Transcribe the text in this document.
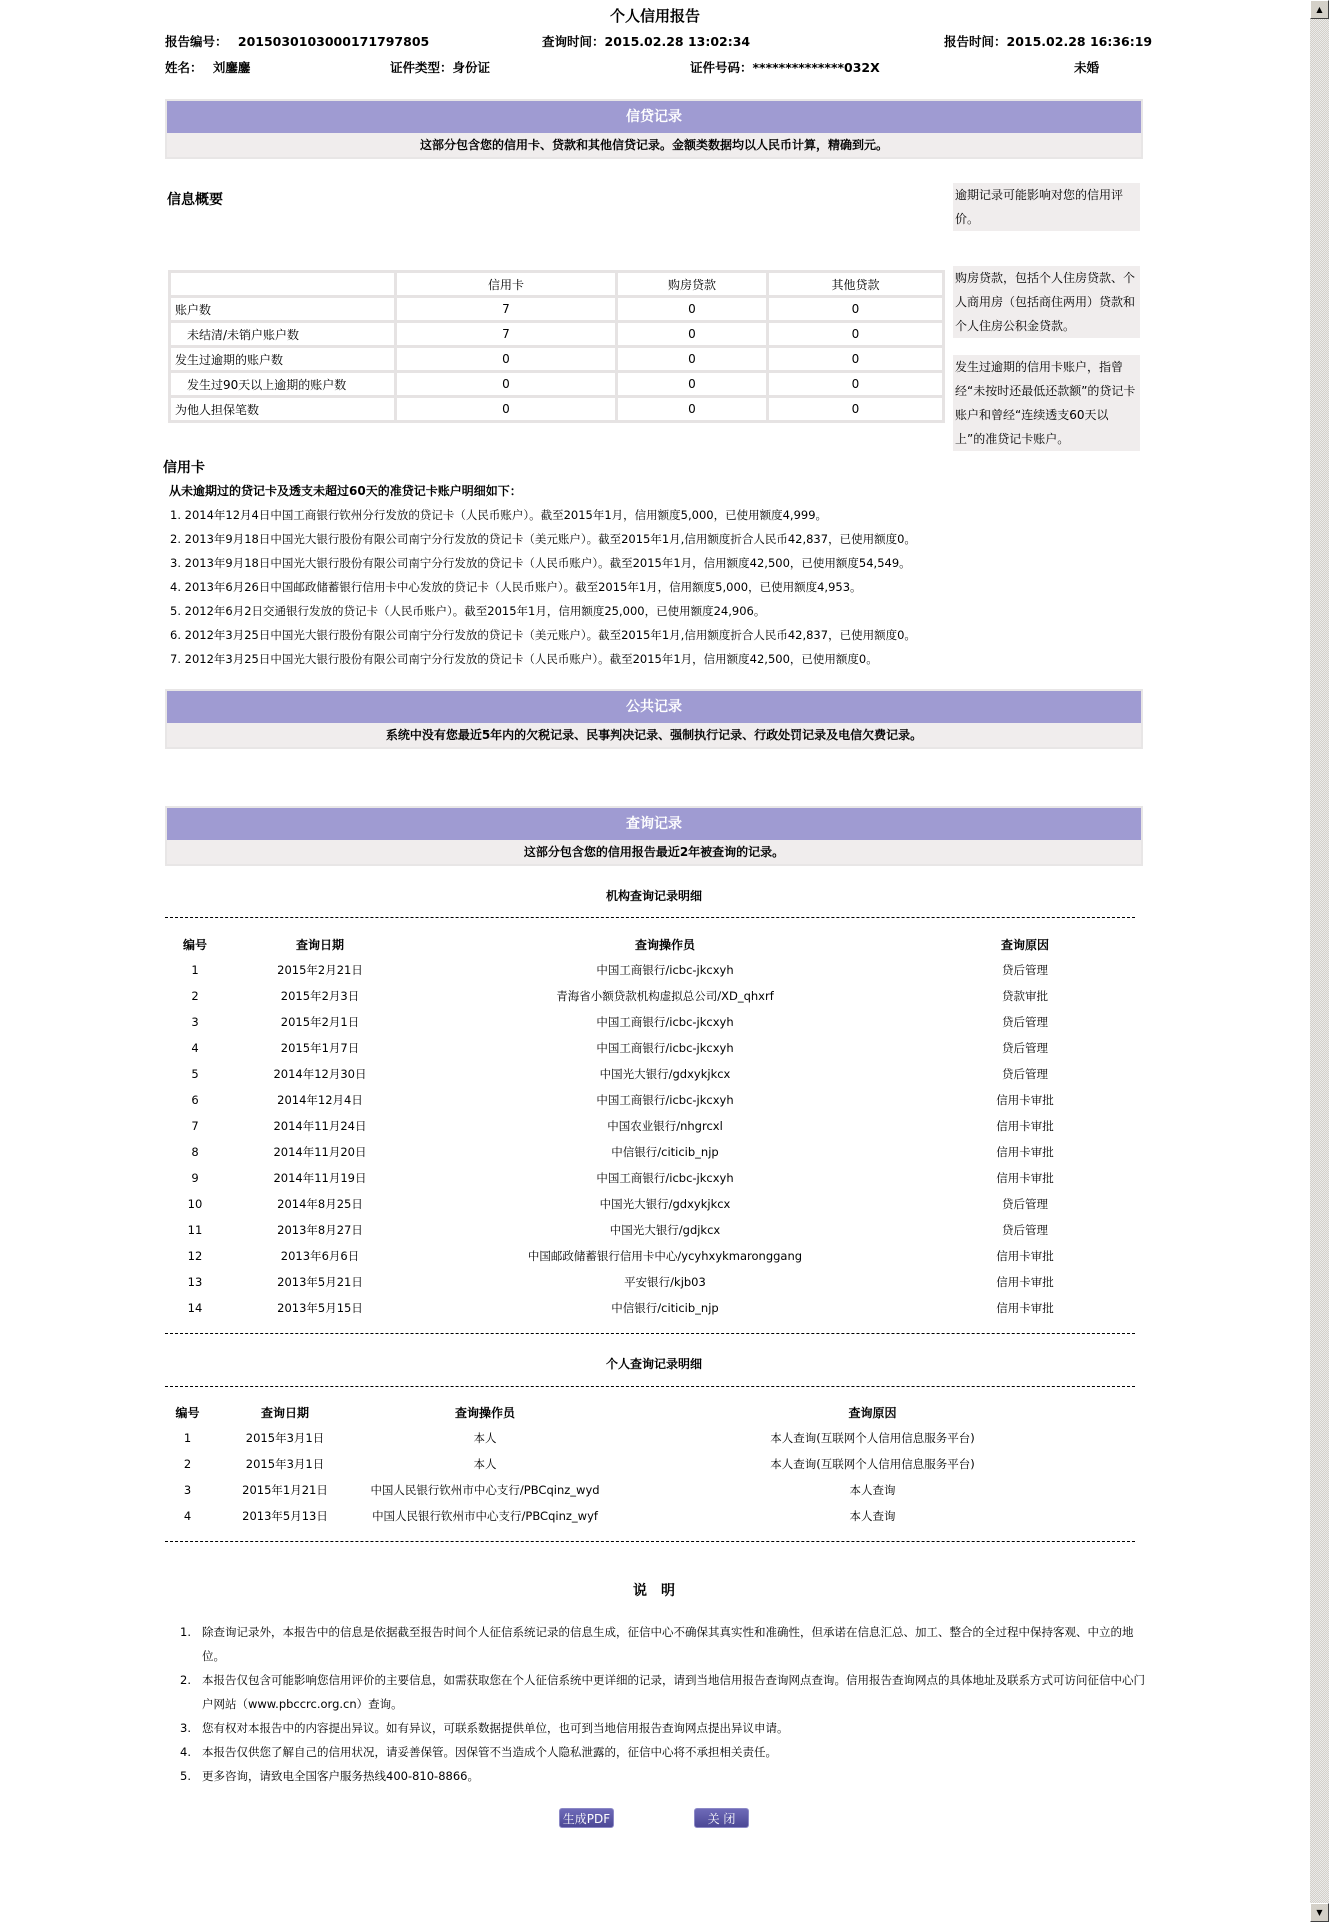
个人信用报告
报告编号： 2015030103000171797805	查询时间：2015.02.28 13:02:34	报告时间：2015.02.28 16:36:19
姓名： 刘鏖鏖	证件类型：身份证	证件号码：**************032X	未婚
信贷记录
这部分包含您的信用卡、贷款和其他信贷记录。金额类数据均以人民币计算，精确到元。
信息概要	逾期记录可能影响对您的信用评价。
购房贷款，包括个人住房贷款、个人商用房（包括商住两用）贷款和个人住房公积金贷款。
发生过逾期的信用卡账户，指曾经“未按时还最低还款额”的贷记卡账户和曾经“连续透支60天以上”的准贷记卡账户。
	信用卡	购房贷款	其他贷款
账户数	7	0	0
未结清/未销户账户数	7	0	0
发生过逾期的账户数	0	0	0
发生过90天以上逾期的账户数	0	0	0
为他人担保笔数	0	0	0
信用卡
从未逾期过的贷记卡及透支未超过60天的准贷记卡账户明细如下：
1. 2014年12月4日中国工商银行钦州分行发放的贷记卡（人民币账户）。截至2015年1月，信用额度5,000，已使用额度4,999。
2. 2013年9月18日中国光大银行股份有限公司南宁分行发放的贷记卡（美元账户）。截至2015年1月,信用额度折合人民币42,837，已使用额度0。
3. 2013年9月18日中国光大银行股份有限公司南宁分行发放的贷记卡（人民币账户）。截至2015年1月，信用额度42,500，已使用额度54,549。
4. 2013年6月26日中国邮政储蓄银行信用卡中心发放的贷记卡（人民币账户）。截至2015年1月，信用额度5,000，已使用额度4,953。
5. 2012年6月2日交通银行发放的贷记卡（人民币账户）。截至2015年1月，信用额度25,000，已使用额度24,906。
6. 2012年3月25日中国光大银行股份有限公司南宁分行发放的贷记卡（美元账户）。截至2015年1月,信用额度折合人民币42,837，已使用额度0。
7. 2012年3月25日中国光大银行股份有限公司南宁分行发放的贷记卡（人民币账户）。截至2015年1月，信用额度42,500，已使用额度0。
公共记录
系统中没有您最近5年内的欠税记录、民事判决记录、强制执行记录、行政处罚记录及电信欠费记录。
查询记录
这部分包含您的信用报告最近2年被查询的记录。
机构查询记录明细
编号	查询日期	查询操作员	查询原因
1	2015年2月21日	中国工商银行/icbc-jkcxyh	贷后管理
2	2015年2月3日	青海省小额贷款机构虚拟总公司/XD_qhxrf	贷款审批
3	2015年2月1日	中国工商银行/icbc-jkcxyh	贷后管理
4	2015年1月7日	中国工商银行/icbc-jkcxyh	贷后管理
5	2014年12月30日	中国光大银行/gdxykjkcx	贷后管理
6	2014年12月4日	中国工商银行/icbc-jkcxyh	信用卡审批
7	2014年11月24日	中国农业银行/nhgrcxl	信用卡审批
8	2014年11月20日	中信银行/citicib_njp	信用卡审批
9	2014年11月19日	中国工商银行/icbc-jkcxyh	信用卡审批
10	2014年8月25日	中国光大银行/gdxykjkcx	贷后管理
11	2013年8月27日	中国光大银行/gdjkcx	贷后管理
12	2013年6月6日	中国邮政储蓄银行信用卡中心/ycyhxykmaronggang	信用卡审批
13	2013年5月21日	平安银行/kjb03	信用卡审批
14	2013年5月15日	中信银行/citicib_njp	信用卡审批
个人查询记录明细
编号	查询日期	查询操作员	查询原因
1	2015年3月1日	本人	本人查询(互联网个人信用信息服务平台)
2	2015年3月1日	本人	本人查询(互联网个人信用信息服务平台)
3	2015年1月21日	中国人民银行钦州市中心支行/PBCqinz_wyd	本人查询
4	2013年5月13日	中国人民银行钦州市中心支行/PBCqinz_wyf	本人查询
说　明
1. 除查询记录外，本报告中的信息是依据截至报告时间个人征信系统记录的信息生成，征信中心不确保其真实性和准确性，但承诺在信息汇总、加工、整合的全过程中保持客观、中立的地位。
2. 本报告仅包含可能影响您信用评价的主要信息，如需获取您在个人征信系统中更详细的记录，请到当地信用报告查询网点查询。信用报告查询网点的具体地址及联系方式可访问征信中心门户网站（www.pbccrc.org.cn）查询。
3. 您有权对本报告中的内容提出异议。如有异议，可联系数据提供单位，也可到当地信用报告查询网点提出异议申请。
4. 本报告仅供您了解自己的信用状况，请妥善保管。因保管不当造成个人隐私泄露的，征信中心将不承担相关责任。
5. 更多咨询，请致电全国客户服务热线400-810-8866。
生成PDF	关 闭
▲
▼
